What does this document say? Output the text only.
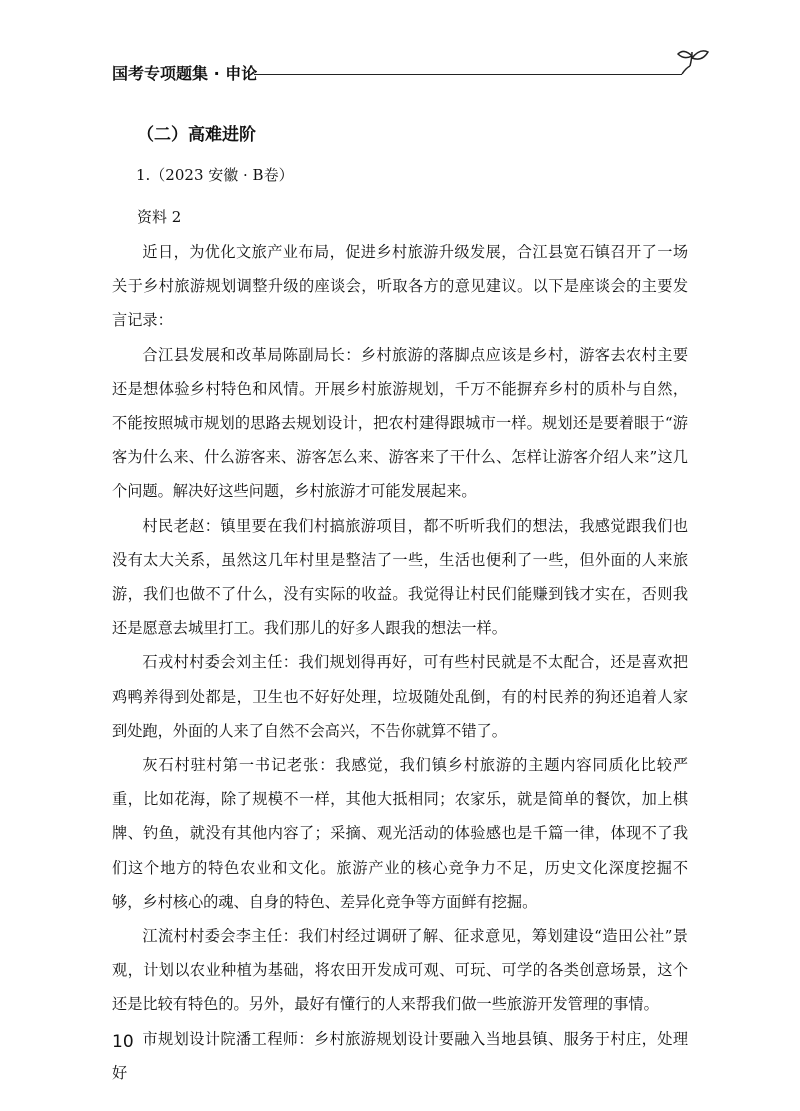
国考专项题集 · 申论
（二）高难进阶
1.（2023 安徽 · B卷）
资料 2

近日，为优化文旅产业布局，促进乡村旅游升级发展，合江县宽石镇召开了一场关于乡村旅游规划调整升级的座谈会，听取各方的意见建议。以下是座谈会的主要发言记录：

合江县发展和改革局陈副局长：乡村旅游的落脚点应该是乡村，游客去农村主要还是想体验乡村特色和风情。开展乡村旅游规划，千万不能摒弃乡村的质朴与自然，不能按照城市规划的思路去规划设计，把农村建得跟城市一样。规划还是要着眼于“游客为什么来、什么游客来、游客怎么来、游客来了干什么、怎样让游客介绍人来”这几个问题。解决好这些问题，乡村旅游才可能发展起来。

村民老赵：镇里要在我们村搞旅游项目，都不听听我们的想法，我感觉跟我们也没有太大关系，虽然这几年村里是整洁了一些，生活也便利了一些，但外面的人来旅游，我们也做不了什么，没有实际的收益。我觉得让村民们能赚到钱才实在，否则我还是愿意去城里打工。我们那儿的好多人跟我的想法一样。

石戎村村委会刘主任：我们规划得再好，可有些村民就是不太配合，还是喜欢把鸡鸭养得到处都是，卫生也不好好处理，垃圾随处乱倒，有的村民养的狗还追着人家到处跑，外面的人来了自然不会高兴，不告你就算不错了。

灰石村驻村第一书记老张：我感觉，我们镇乡村旅游的主题内容同质化比较严重，比如花海，除了规模不一样，其他大抵相同；农家乐，就是简单的餐饮，加上棋牌、钓鱼，就没有其他内容了；采摘、观光活动的体验感也是千篇一律，体现不了我们这个地方的特色农业和文化。旅游产业的核心竞争力不足，历史文化深度挖掘不够，乡村核心的魂、自身的特色、差异化竞争等方面鲜有挖掘。

江流村村委会李主任：我们村经过调研了解、征求意见，筹划建设“造田公社”景观，计划以农业种植为基础，将农田开发成可观、可玩、可学的各类创意场景，这个还是比较有特色的。另外，最好有懂行的人来帮我们做一些旅游开发管理的事情。

市规划设计院潘工程师：乡村旅游规划设计要融入当地县镇、服务于村庄，处理好

10
